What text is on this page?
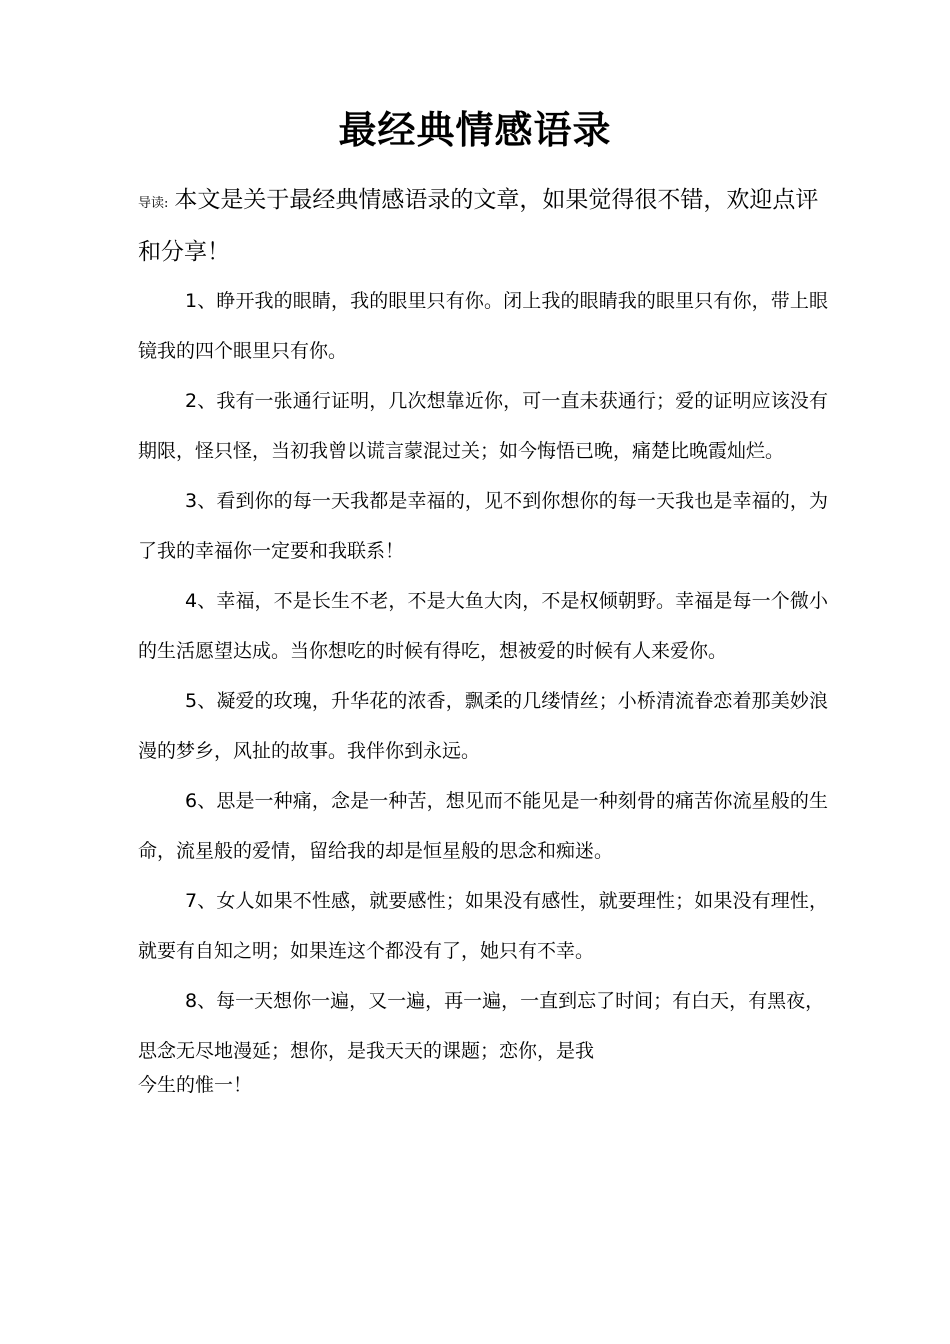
最经典情感语录
导读: 本文是关于最经典情感语录的文章，如果觉得很不错，欢迎点评和分享！

1、睁开我的眼睛，我的眼里只有你。闭上我的眼睛我的眼里只有你，带上眼镜我的四个眼里只有你。

2、我有一张通行证明，几次想靠近你，可一直未获通行；爱的证明应该没有期限，怪只怪，当初我曾以谎言蒙混过关；如今悔悟已晚，痛楚比晚霞灿烂。

3、看到你的每一天我都是幸福的，见不到你想你的每一天我也是幸福的，为了我的幸福你一定要和我联系！

4、幸福，不是长生不老，不是大鱼大肉，不是权倾朝野。幸福是每一个微小的生活愿望达成。当你想吃的时候有得吃，想被爱的时候有人来爱你。

5、凝爱的玫瑰，升华花的浓香，飘柔的几缕情丝；小桥清流眷恋着那美妙浪漫的梦乡，风扯的故事。我伴你到永远。

6、思是一种痛，念是一种苦，想见而不能见是一种刻骨的痛苦你流星般的生命，流星般的爱情，留给我的却是恒星般的思念和痴迷。

7、女人如果不性感，就要感性；如果没有感性，就要理性；如果没有理性，就要有自知之明；如果连这个都没有了，她只有不幸。

8、每一天想你一遍，又一遍，再一遍，一直到忘了时间；有白天，有黑夜，思念无尽地漫延；想你，是我天天的课题；恋你，是我
今生的惟一！
